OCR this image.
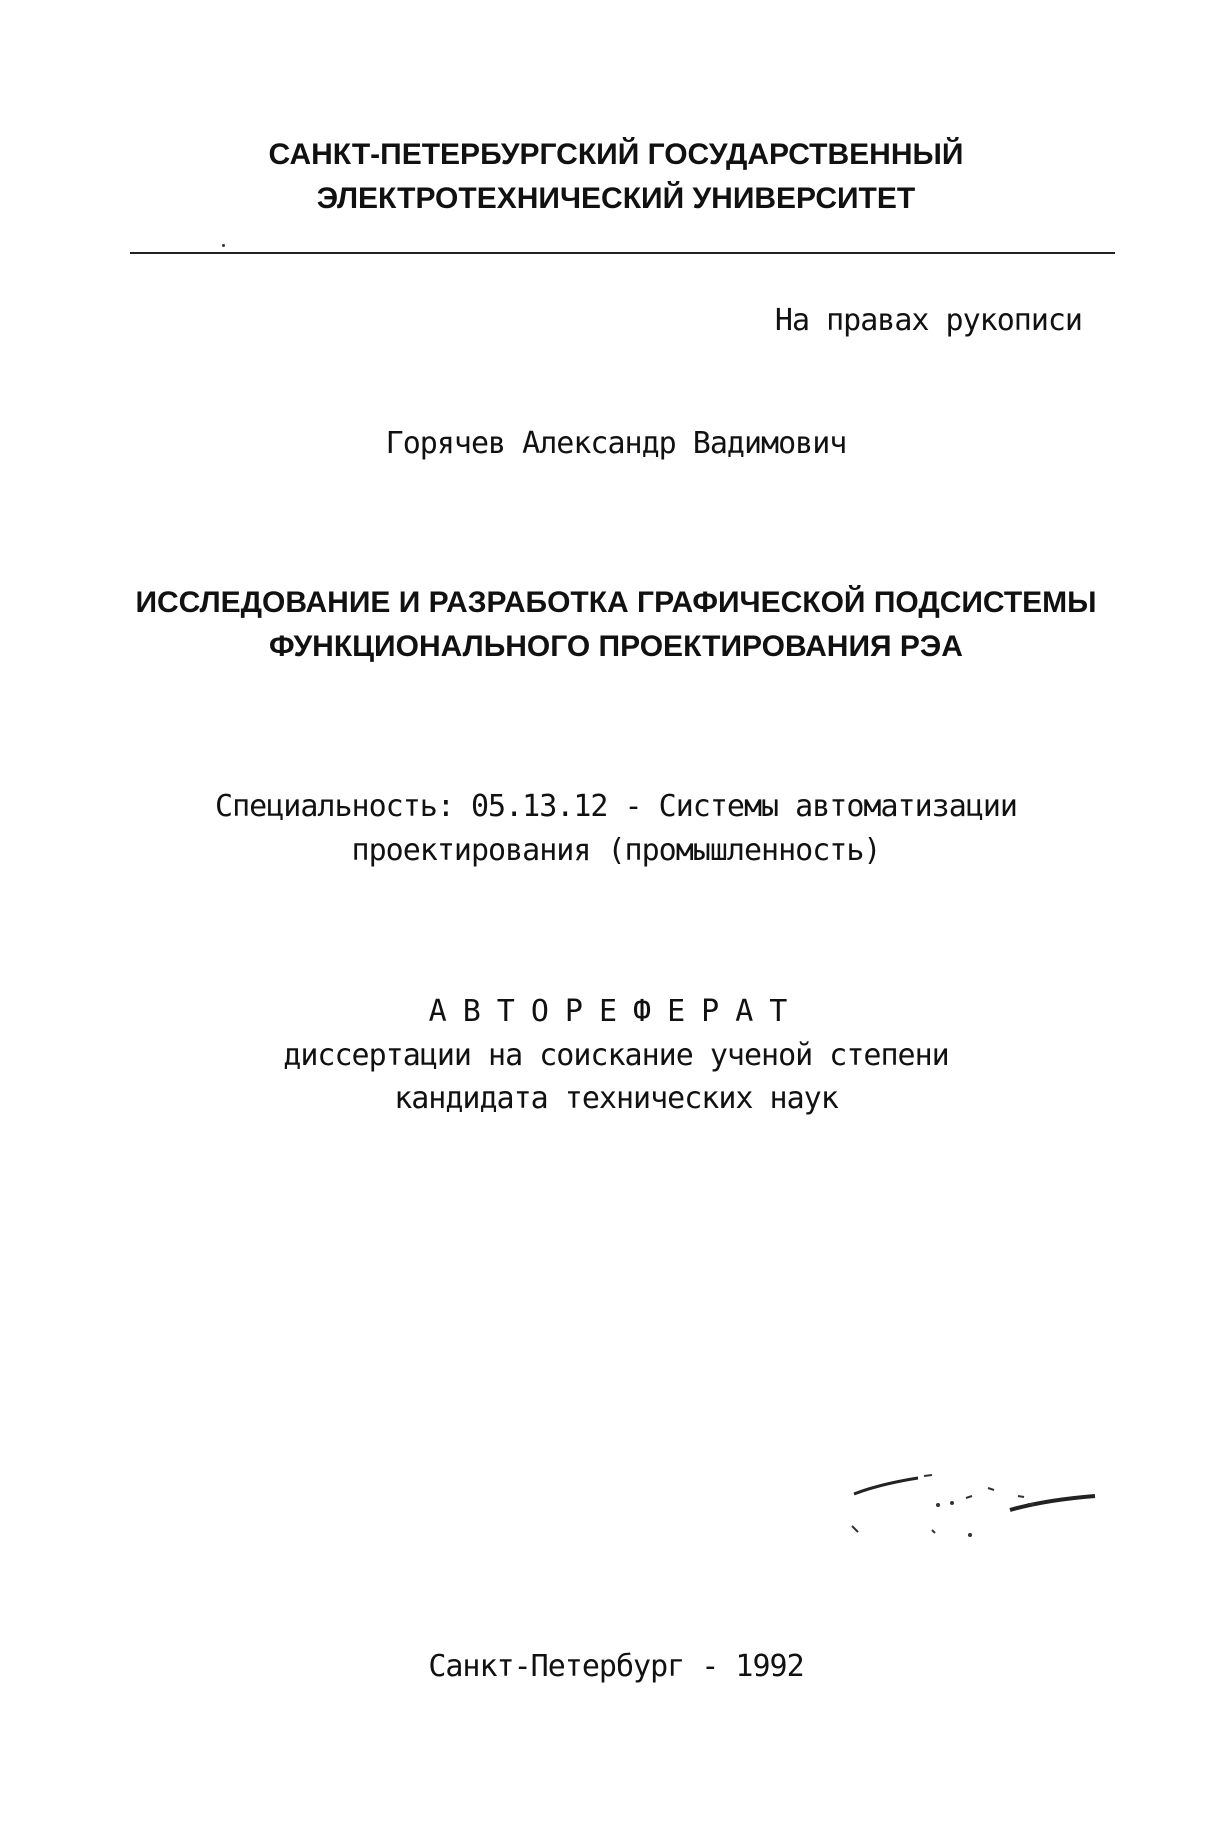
САНКТ-ПЕТЕРБУРГСКИЙ ГОСУДАРСТВЕННЫЙ
ЭЛЕКТРОТЕХНИЧЕСКИЙ УНИВЕРСИТЕТ
На правах рукописи
Горячев Александр Вадимович
ИССЛЕДОВАНИЕ И РАЗРАБОТКА ГРАФИЧЕСКОЙ ПОДСИСТЕМЫ
ФУНКЦИОНАЛЬНОГО ПРОЕКТИРОВАНИЯ РЭА
Специальность: 05.13.12 - Системы автоматизации
проектирования (промышленность)
АВТОРЕФЕРАТ
диссертации на соискание ученой степени
кандидата технических наук
Санкт-Петербург - 1992
